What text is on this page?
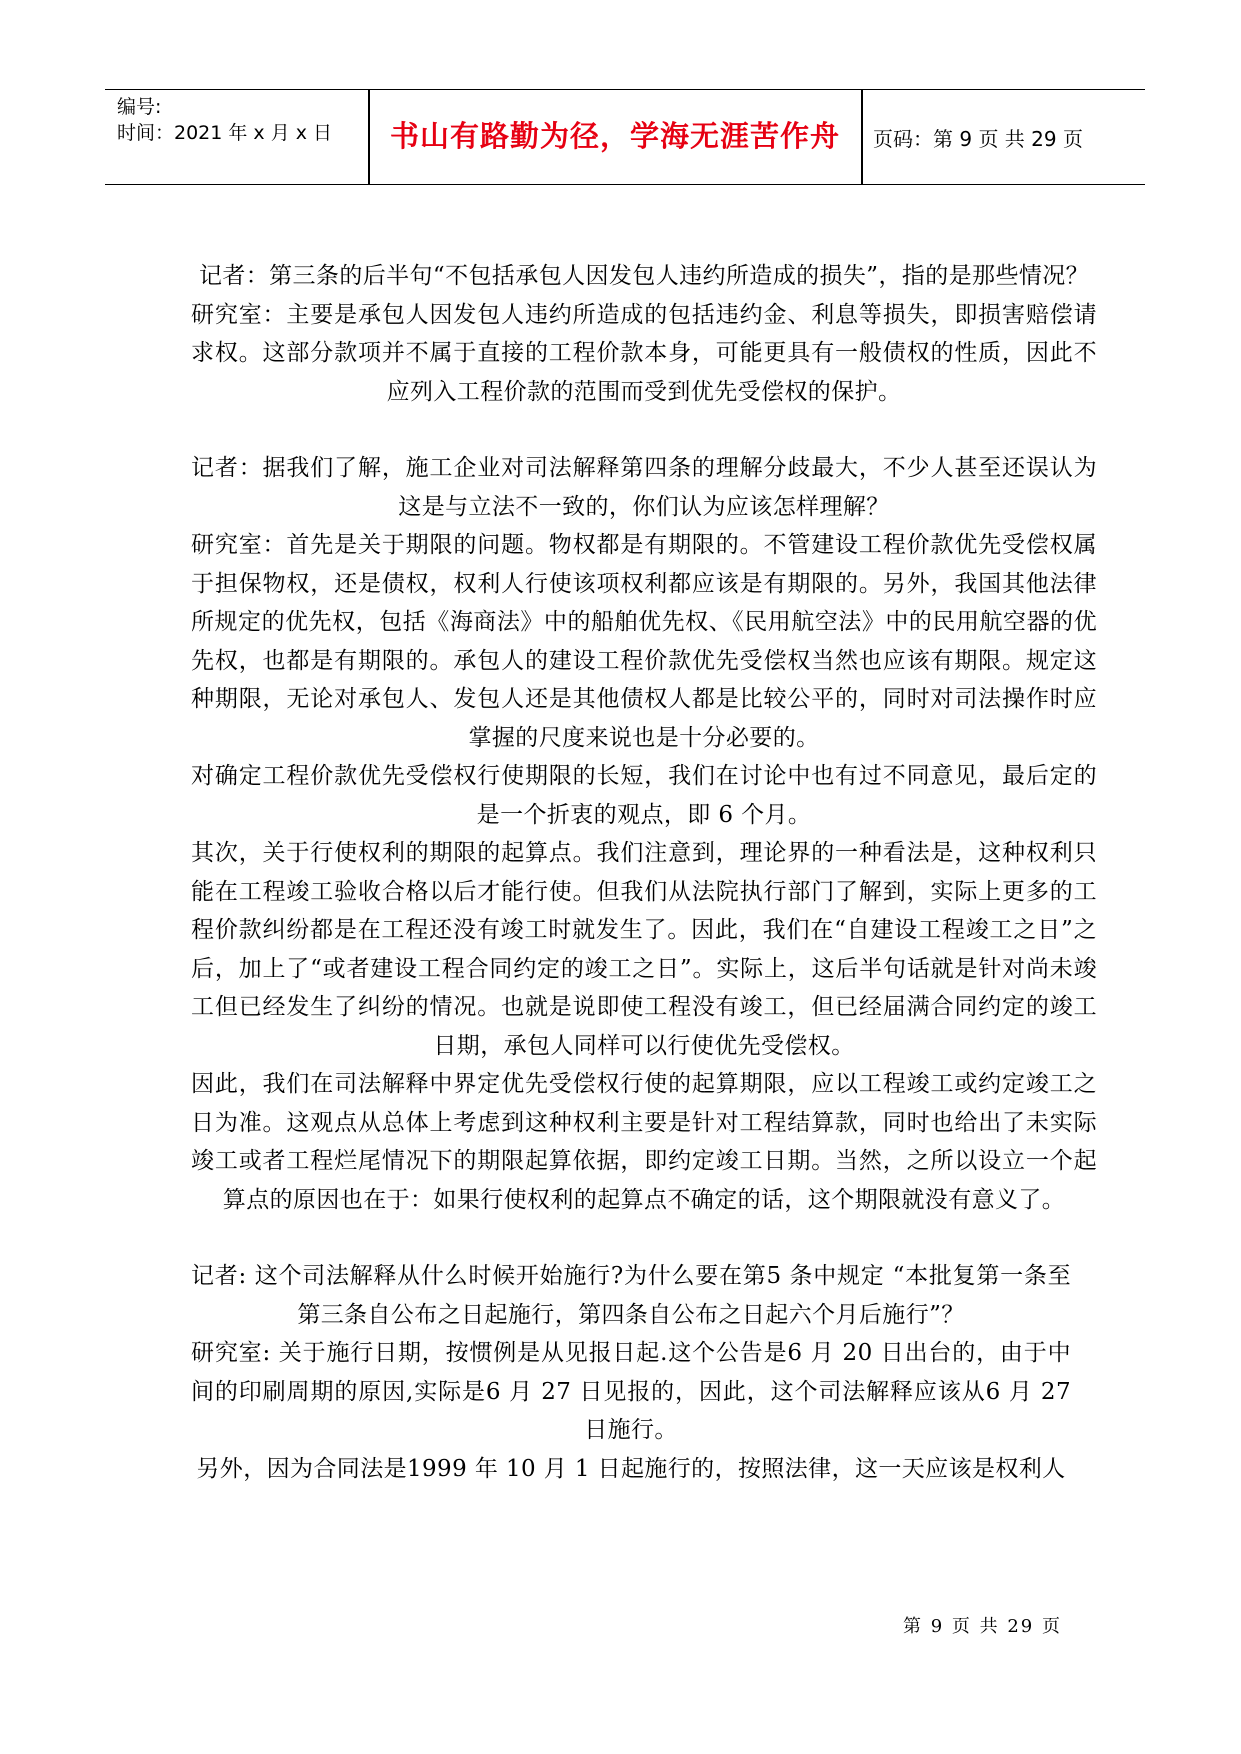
编号:
时间：2021 年 x 月 x 日	书山有路勤为径，学海无涯苦作舟	页码：第 9 页 共 29 页

记者：第三条的后半句“不包括承包人因发包人违约所造成的损失”，指的是那些情况？

研究室：主要是承包人因发包人违约所造成的包括违约金、利息等损失，即损害赔偿请求权。这部分款项并不属于直接的工程价款本身，可能更具有一般债权的性质，因此不应列入工程价款的范围而受到优先受偿权的保护。

记者：据我们了解，施工企业对司法解释第四条的理解分歧最大，不少人甚至还误认为这是与立法不一致的，你们认为应该怎样理解？

研究室：首先是关于期限的问题。物权都是有期限的。不管建设工程价款优先受偿权属于担保物权，还是债权，权利人行使该项权利都应该是有期限的。另外，我国其他法律所规定的优先权，包括《海商法》中的船舶优先权、《民用航空法》中的民用航空器的优先权，也都是有期限的。承包人的建设工程价款优先受偿权当然也应该有期限。规定这种期限，无论对承包人、发包人还是其他债权人都是比较公平的，同时对司法操作时应掌握的尺度来说也是十分必要的。

对确定工程价款优先受偿权行使期限的长短，我们在讨论中也有过不同意见，最后定的是一个折衷的观点，即 6 个月。

其次，关于行使权利的期限的起算点。我们注意到，理论界的一种看法是，这种权利只能在工程竣工验收合格以后才能行使。但我们从法院执行部门了解到，实际上更多的工程价款纠纷都是在工程还没有竣工时就发生了。因此，我们在“自建设工程竣工之日”之后，加上了“或者建设工程合同约定的竣工之日”。实际上，这后半句话就是针对尚未竣工但已经发生了纠纷的情况。也就是说即使工程没有竣工，但已经届满合同约定的竣工日期，承包人同样可以行使优先受偿权。

因此，我们在司法解释中界定优先受偿权行使的起算期限，应以工程竣工或约定竣工之日为准。这观点从总体上考虑到这种权利主要是针对工程结算款，同时也给出了未实际竣工或者工程烂尾情况下的期限起算依据，即约定竣工日期。当然，之所以设立一个起算点的原因也在于：如果行使权利的起算点不确定的话，这个期限就没有意义了。

记者: 这个司法解释从什么时候开始施行?为什么要在第5 条中规定 “本批复第一条至第三条自公布之日起施行，第四条自公布之日起六个月后施行”？

研究室: 关于施行日期，按惯例是从见报日起.这个公告是6 月 20 日出台的，由于中间的印刷周期的原因,实际是6 月 27 日见报的，因此，这个司法解释应该从6 月 27 日施行。

另外，因为合同法是1999 年 10 月 1 日起施行的，按照法律，这一天应该是权利人

第 9 页 共 29 页
